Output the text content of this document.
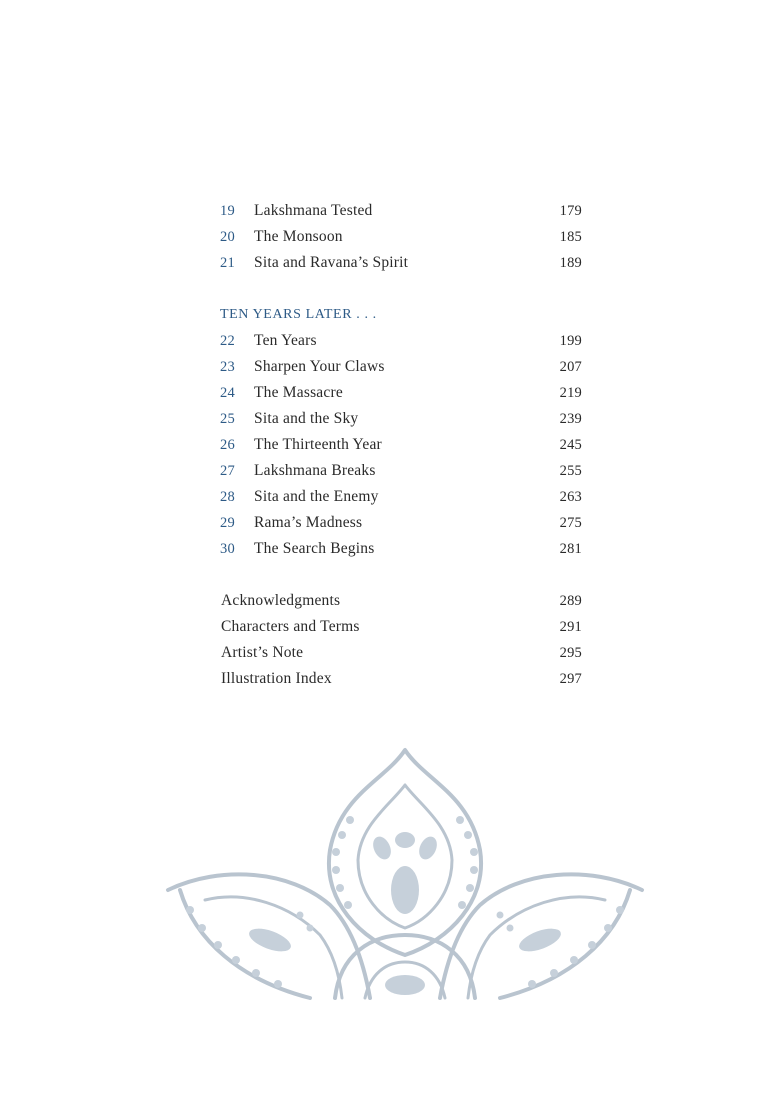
19 Lakshmana Tested	179
20 The Monsoon	185
21 Sita and Ravana’s Spirit	189
TEN YEARS LATER . . .
22 Ten Years	199
23 Sharpen Your Claws	207
24 The Massacre	219
25 Sita and the Sky	239
26 The Thirteenth Year	245
27 Lakshmana Breaks	255
28 Sita and the Enemy	263
29 Rama’s Madness	275
30 The Search Begins	281
Acknowledgments	289
Characters and Terms	291
Artist’s Note	295
Illustration Index	297
